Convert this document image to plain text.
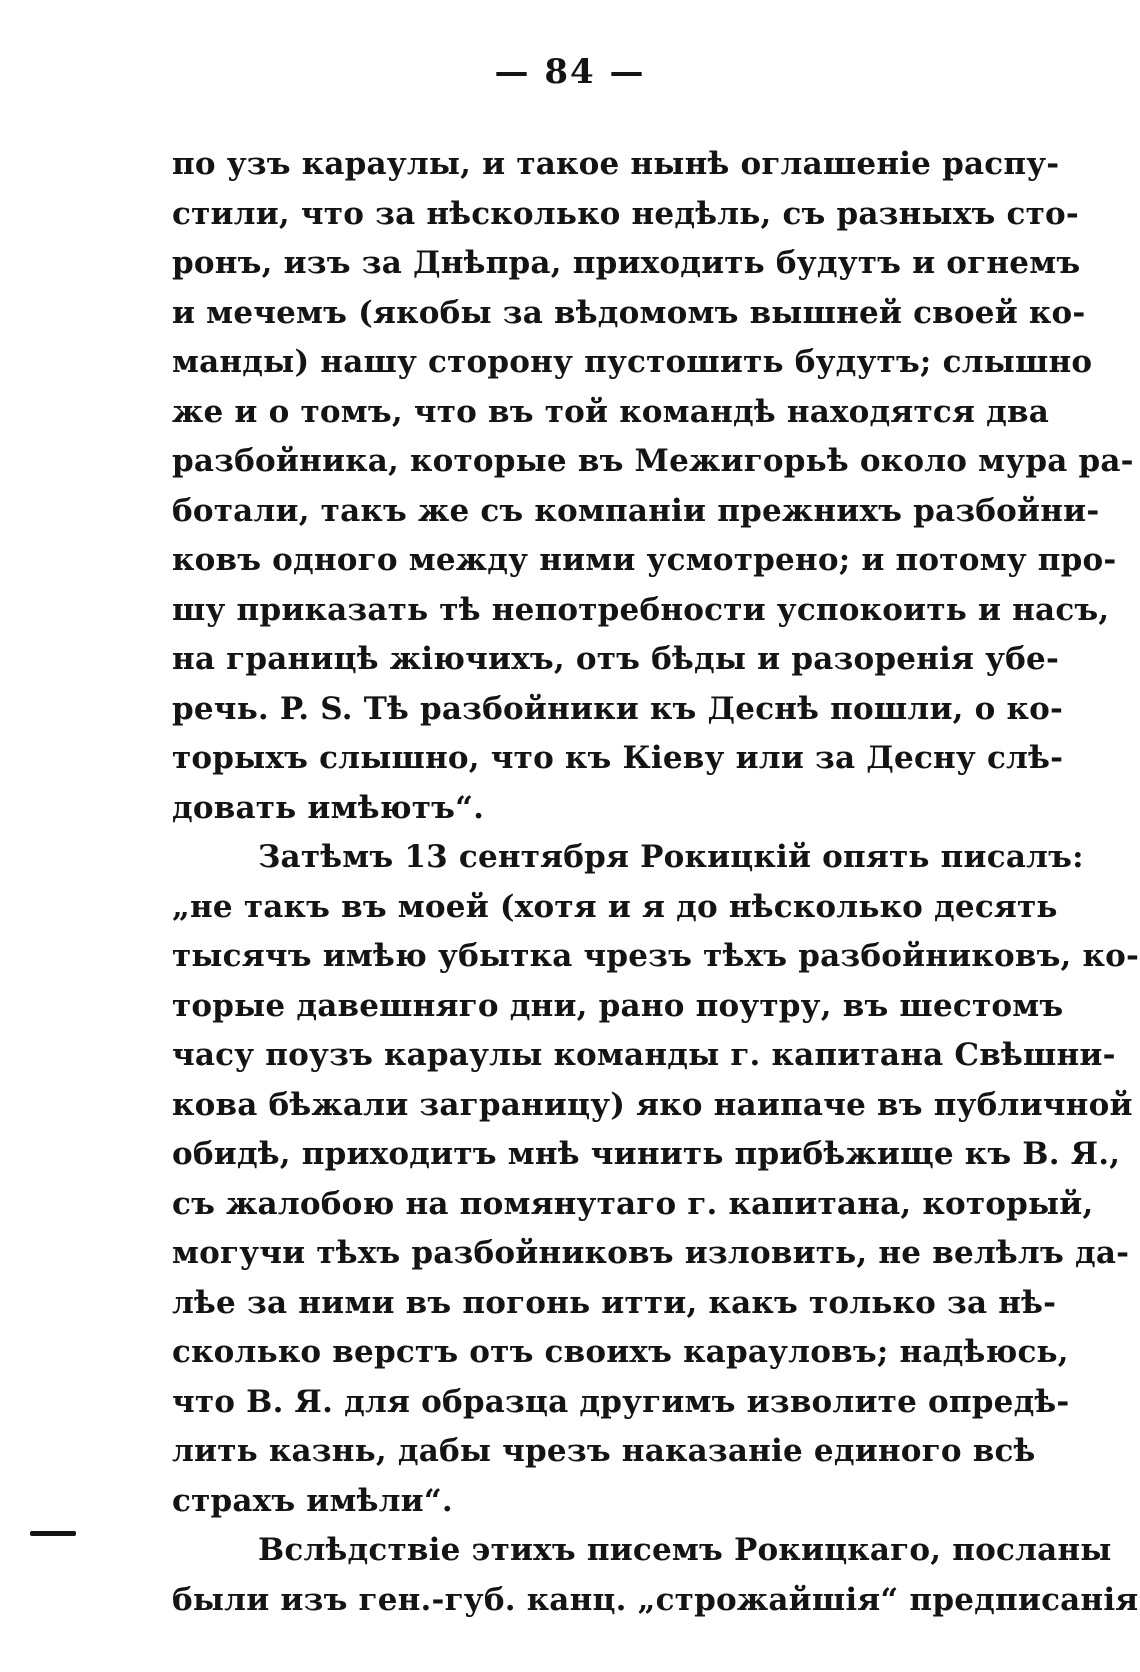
— 84 —
по узъ караулы, и такое нынѣ оглашеніе распу-
стили, что за нѣсколько недѣль, съ разныхъ сто-
ронъ, изъ за Днѣпра, приходить будутъ и огнемъ
и мечемъ (якобы за вѣдомомъ вышней своей ко-
манды) нашу сторону пустошить будутъ; слышно
же и о томъ, что въ той командѣ находятся два
разбойника, которые въ Межигорьѣ около мура ра-
ботали, такъ же съ компаніи прежнихъ разбойни-
ковъ одного между ними усмотрено; и потому про-
шу приказать тѣ непотребности успокоить и насъ,
на границѣ жіючихъ, отъ бѣды и разоренія убе-
речь. P. S. Тѣ разбойники къ Деснѣ пошли, о ко-
торыхъ слышно, что къ Кіеву или за Десну слѣ-
довать имѣютъ“.
Затѣмъ 13 сентября Рокицкій опять писалъ:
„не такъ въ моей (хотя и я до нѣсколько десять
тысячъ имѣю убытка чрезъ тѣхъ разбойниковъ, ко-
торые давешняго дни, рано поутру, въ шестомъ
часу поузъ караулы команды г. капитана Свѣшни-
кова бѣжали заграницу) яко наипаче въ публичной
обидѣ, приходитъ мнѣ чинить прибѣжище къ В. Я.,
съ жалобою на помянутаго г. капитана, который,
могучи тѣхъ разбойниковъ изловить, не велѣлъ да-
лѣе за ними въ погонь итти, какъ только за нѣ-
сколько верстъ отъ своихъ карауловъ; надѣюсь,
что В. Я. для образца другимъ изволите опредѣ-
лить казнь, дабы чрезъ наказаніе единого всѣ
страхъ имѣли“.
Вслѣдствіе этихъ писемъ Рокицкаго, посланы
были изъ ген.-губ. канц. „строжайшія“ предписанія
